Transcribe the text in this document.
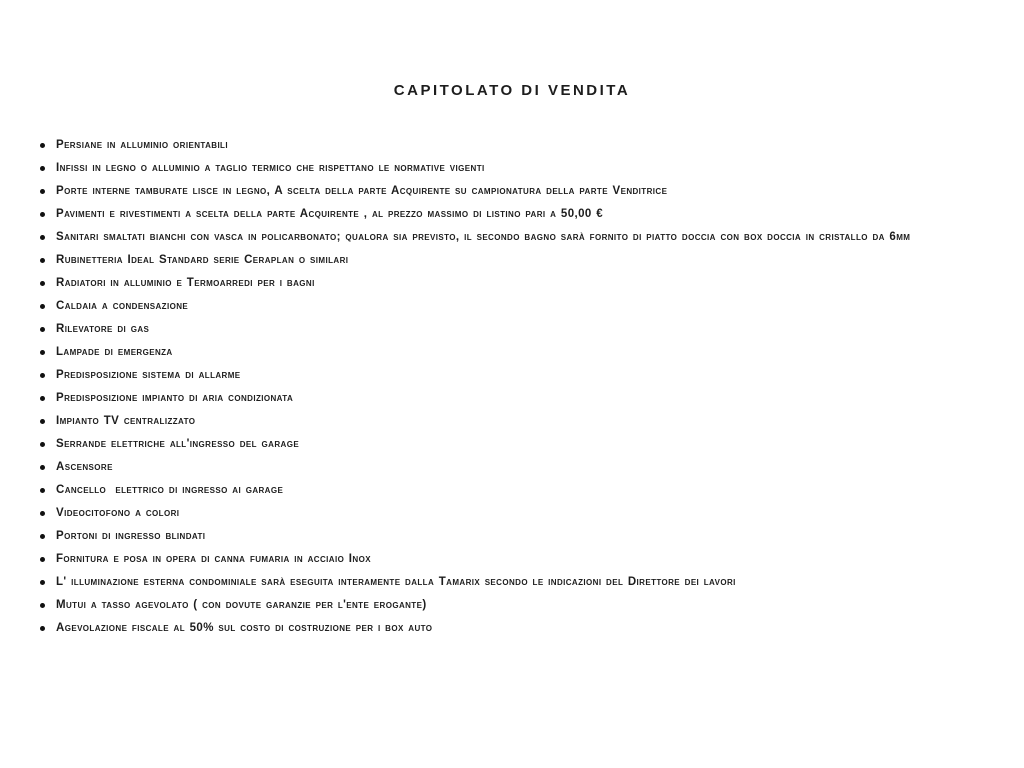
CAPITOLATO DI VENDITA
Persiane in alluminio orientabili
Infissi in legno o alluminio a taglio termico che rispettano le normative vigenti
Porte interne tamburate lisce in legno, A scelta della parte Acquirente su campionatura della parte Venditrice
Pavimenti e rivestimenti a scelta della parte Acquirente , al prezzo massimo di listino pari a 50,00 €
Sanitari smaltati bianchi con vasca in policarbonato; qualora sia previsto, il secondo bagno sarà fornito di piatto doccia con box doccia in cristallo da 6mm
Rubinetteria Ideal Standard serie Ceraplan o similari
Radiatori in alluminio e Termoarredi per i bagni
Caldaia a condensazione
Rilevatore di gas
Lampade di emergenza
Predisposizione sistema di allarme
Predisposizione impianto di aria condizionata
Impianto TV centralizzato
Serrande elettriche all'ingresso del garage
Ascensore
Cancello  elettrico di ingresso ai garage
Videocitofono a colori
Portoni di ingresso blindati
Fornitura e posa in opera di canna fumaria in acciaio Inox
L' illuminazione esterna condominiale sarà eseguita interamente dalla Tamarix secondo le indicazioni del Direttore dei lavori
Mutui a tasso agevolato ( con dovute garanzie per l'ente erogante)
Agevolazione fiscale al 50% sul costo di costruzione per i box auto
